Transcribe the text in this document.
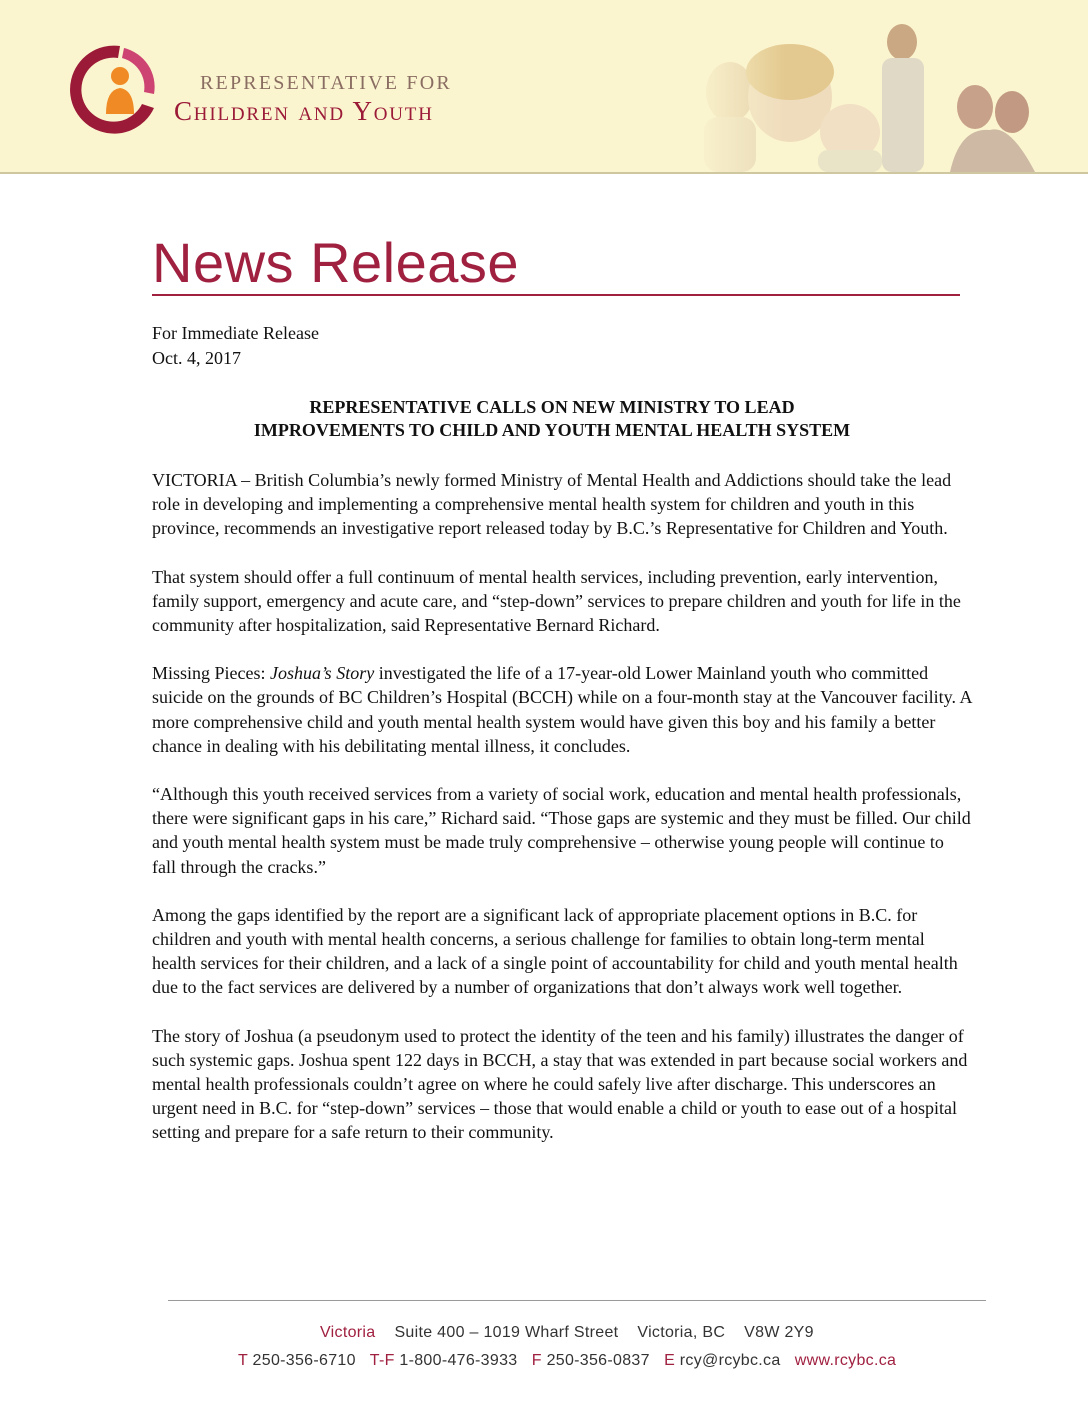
REPRESENTATIVE FOR
Children and Youth
News Release
For Immediate Release
Oct. 4, 2017
REPRESENTATIVE CALLS ON NEW MINISTRY TO LEAD
IMPROVEMENTS TO CHILD AND YOUTH MENTAL HEALTH SYSTEM

VICTORIA – British Columbia’s newly formed Ministry of Mental Health and Addictions should take the lead role in developing and implementing a comprehensive mental health system for children and youth in this province, recommends an investigative report released today by B.C.’s Representative for Children and Youth.

That system should offer a full continuum of mental health services, including prevention, early intervention, family support, emergency and acute care, and “step-down” services to prepare children and youth for life in the community after hospitalization, said Representative Bernard Richard.

Missing Pieces: Joshua’s Story investigated the life of a 17-year-old Lower Mainland youth who committed suicide on the grounds of BC Children’s Hospital (BCCH) while on a four-month stay at the Vancouver facility. A more comprehensive child and youth mental health system would have given this boy and his family a better chance in dealing with his debilitating mental illness, it concludes.

“Although this youth received services from a variety of social work, education and mental health professionals, there were significant gaps in his care,” Richard said. “Those gaps are systemic and they must be filled. Our child and youth mental health system must be made truly comprehensive – otherwise young people will continue to fall through the cracks.”

Among the gaps identified by the report are a significant lack of appropriate placement options in B.C. for children and youth with mental health concerns, a serious challenge for families to obtain long-term mental health services for their children, and a lack of a single point of accountability for child and youth mental health due to the fact services are delivered by a number of organizations that don’t always work well together.

The story of Joshua (a pseudonym used to protect the identity of the teen and his family) illustrates the danger of such systemic gaps. Joshua spent 122 days in BCCH, a stay that was extended in part because social workers and mental health professionals couldn’t agree on where he could safely live after discharge. This underscores an urgent need in B.C. for “step-down” services – those that would enable a child or youth to ease out of a hospital setting and prepare for a safe return to their community.

Victoria Suite 400 – 1019 Wharf Street Victoria, BC V8W 2Y9
T 250-356-6710 T-F 1-800-476-3933 F 250-356-0837 E rcy@rcybc.ca www.rcybc.ca
